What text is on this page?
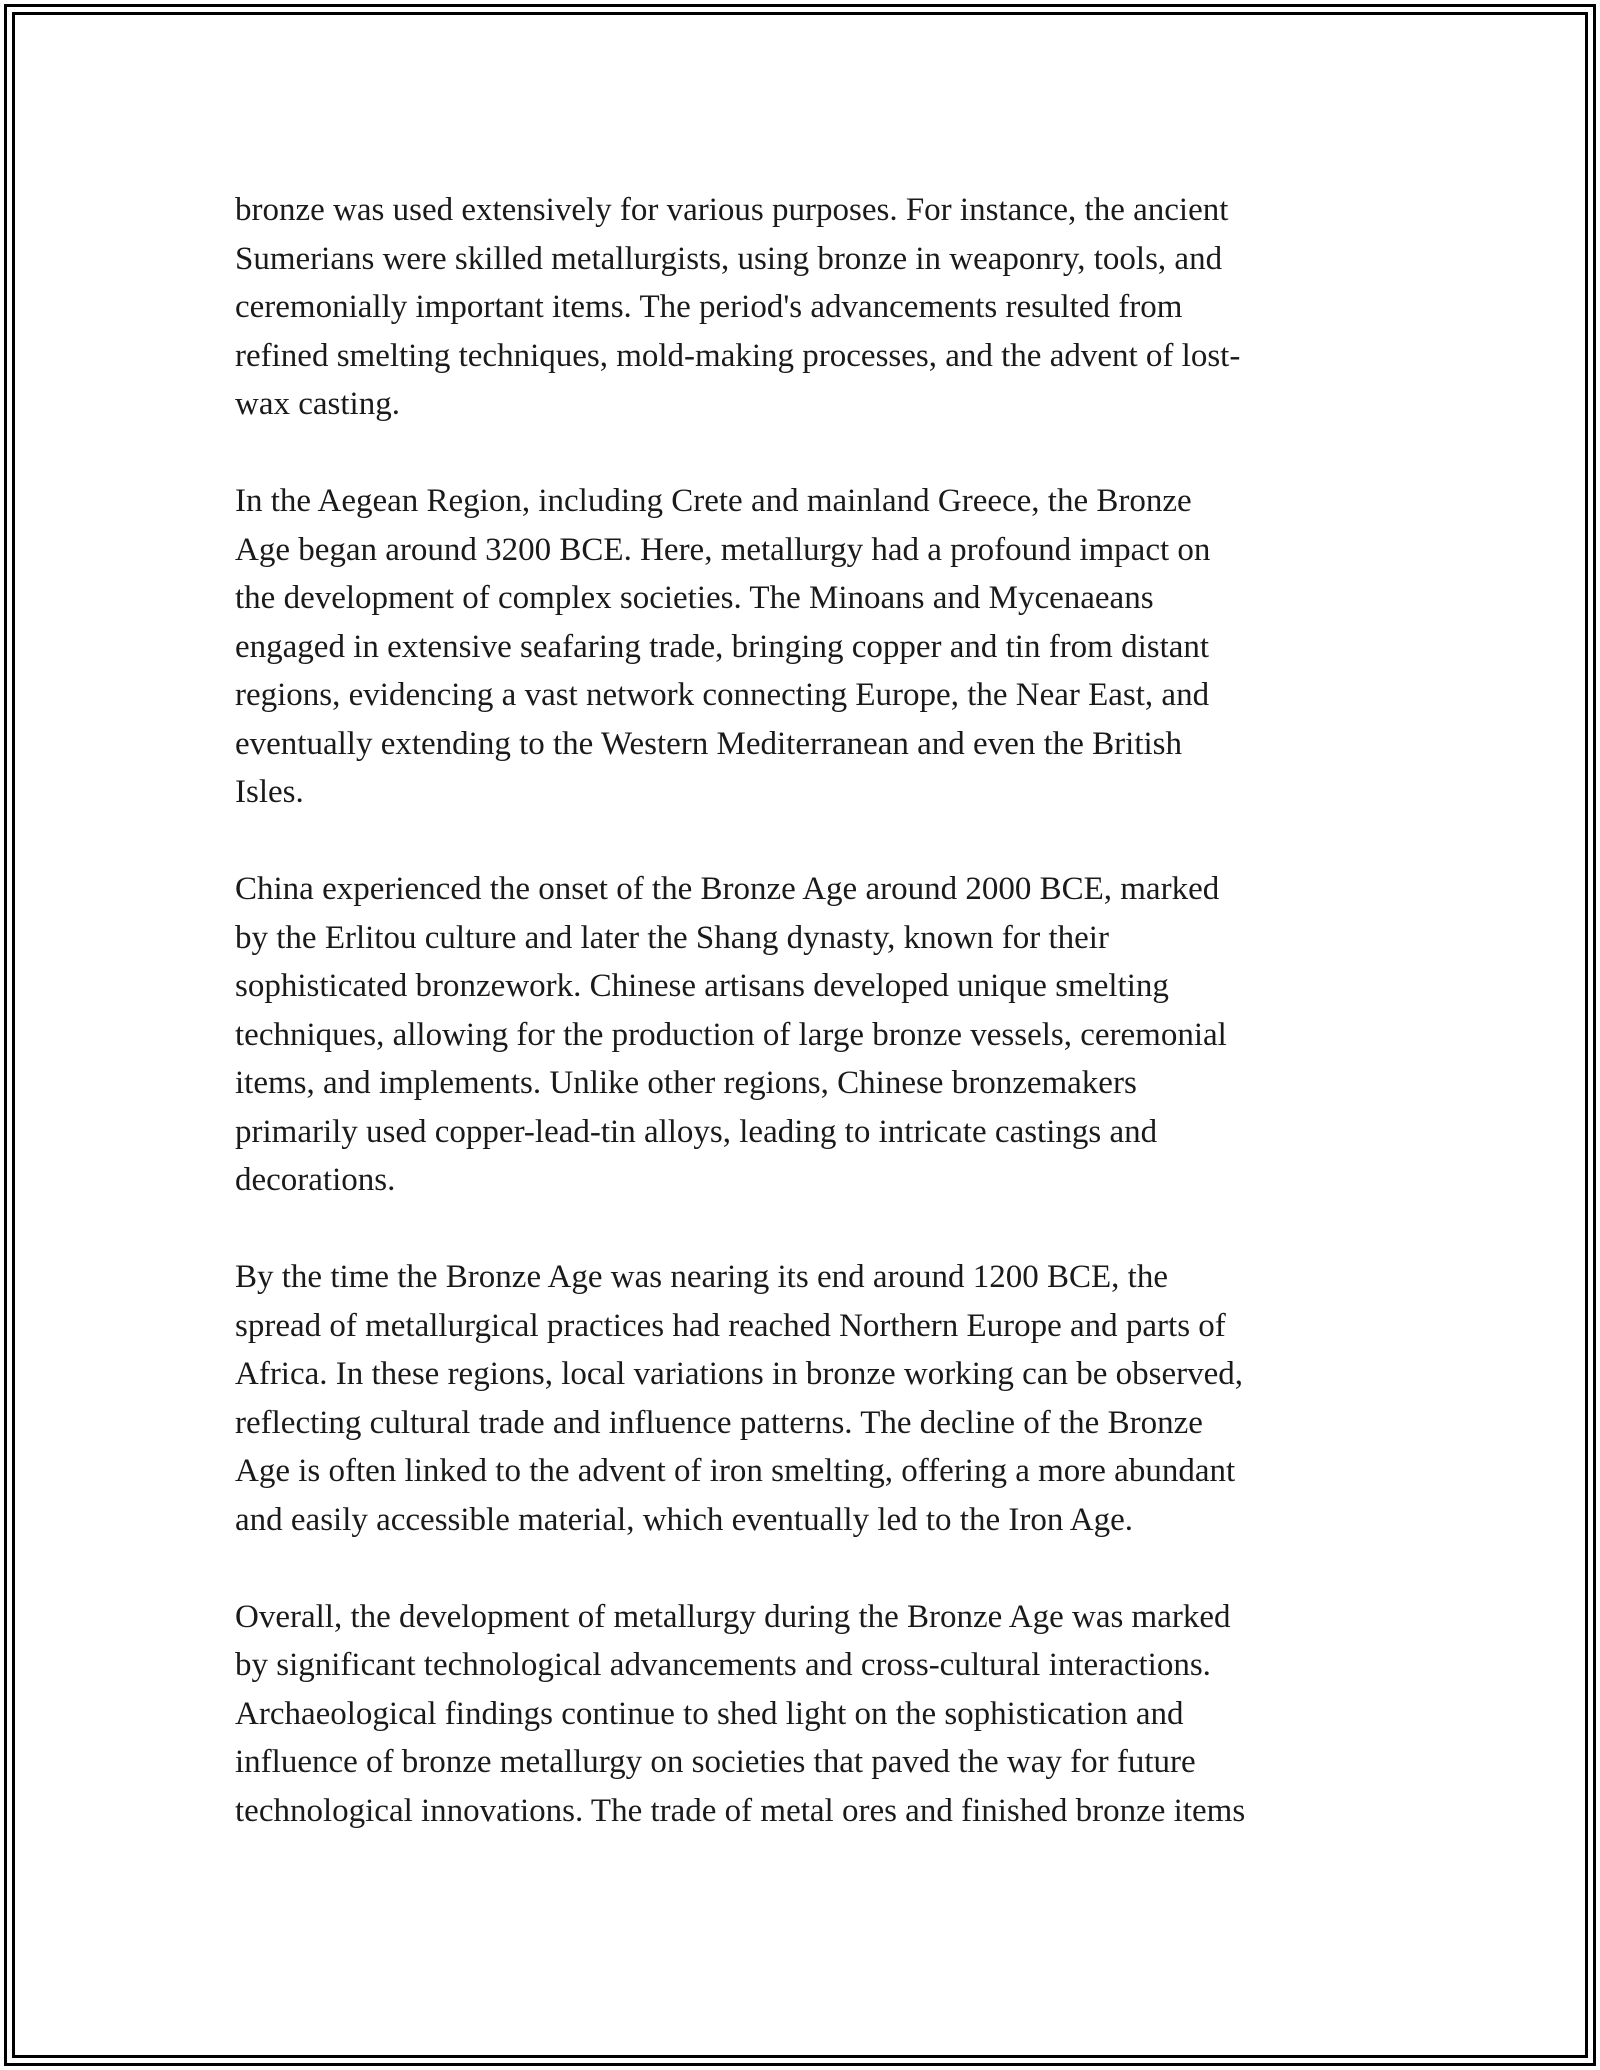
bronze was used extensively for various purposes. For instance, the ancient
Sumerians were skilled metallurgists, using bronze in weaponry, tools, and
ceremonially important items. The period's advancements resulted from
refined smelting techniques, mold-making processes, and the advent of lost-
wax casting.

In the Aegean Region, including Crete and mainland Greece, the Bronze
Age began around 3200 BCE. Here, metallurgy had a profound impact on
the development of complex societies. The Minoans and Mycenaeans
engaged in extensive seafaring trade, bringing copper and tin from distant
regions, evidencing a vast network connecting Europe, the Near East, and
eventually extending to the Western Mediterranean and even the British
Isles.

China experienced the onset of the Bronze Age around 2000 BCE, marked
by the Erlitou culture and later the Shang dynasty, known for their
sophisticated bronzework. Chinese artisans developed unique smelting
techniques, allowing for the production of large bronze vessels, ceremonial
items, and implements. Unlike other regions, Chinese bronzemakers
primarily used copper-lead-tin alloys, leading to intricate castings and
decorations.

By the time the Bronze Age was nearing its end around 1200 BCE, the
spread of metallurgical practices had reached Northern Europe and parts of
Africa. In these regions, local variations in bronze working can be observed,
reflecting cultural trade and influence patterns. The decline of the Bronze
Age is often linked to the advent of iron smelting, offering a more abundant
and easily accessible material, which eventually led to the Iron Age.

Overall, the development of metallurgy during the Bronze Age was marked
by significant technological advancements and cross-cultural interactions.
Archaeological findings continue to shed light on the sophistication and
influence of bronze metallurgy on societies that paved the way for future
technological innovations. The trade of metal ores and finished bronze items
